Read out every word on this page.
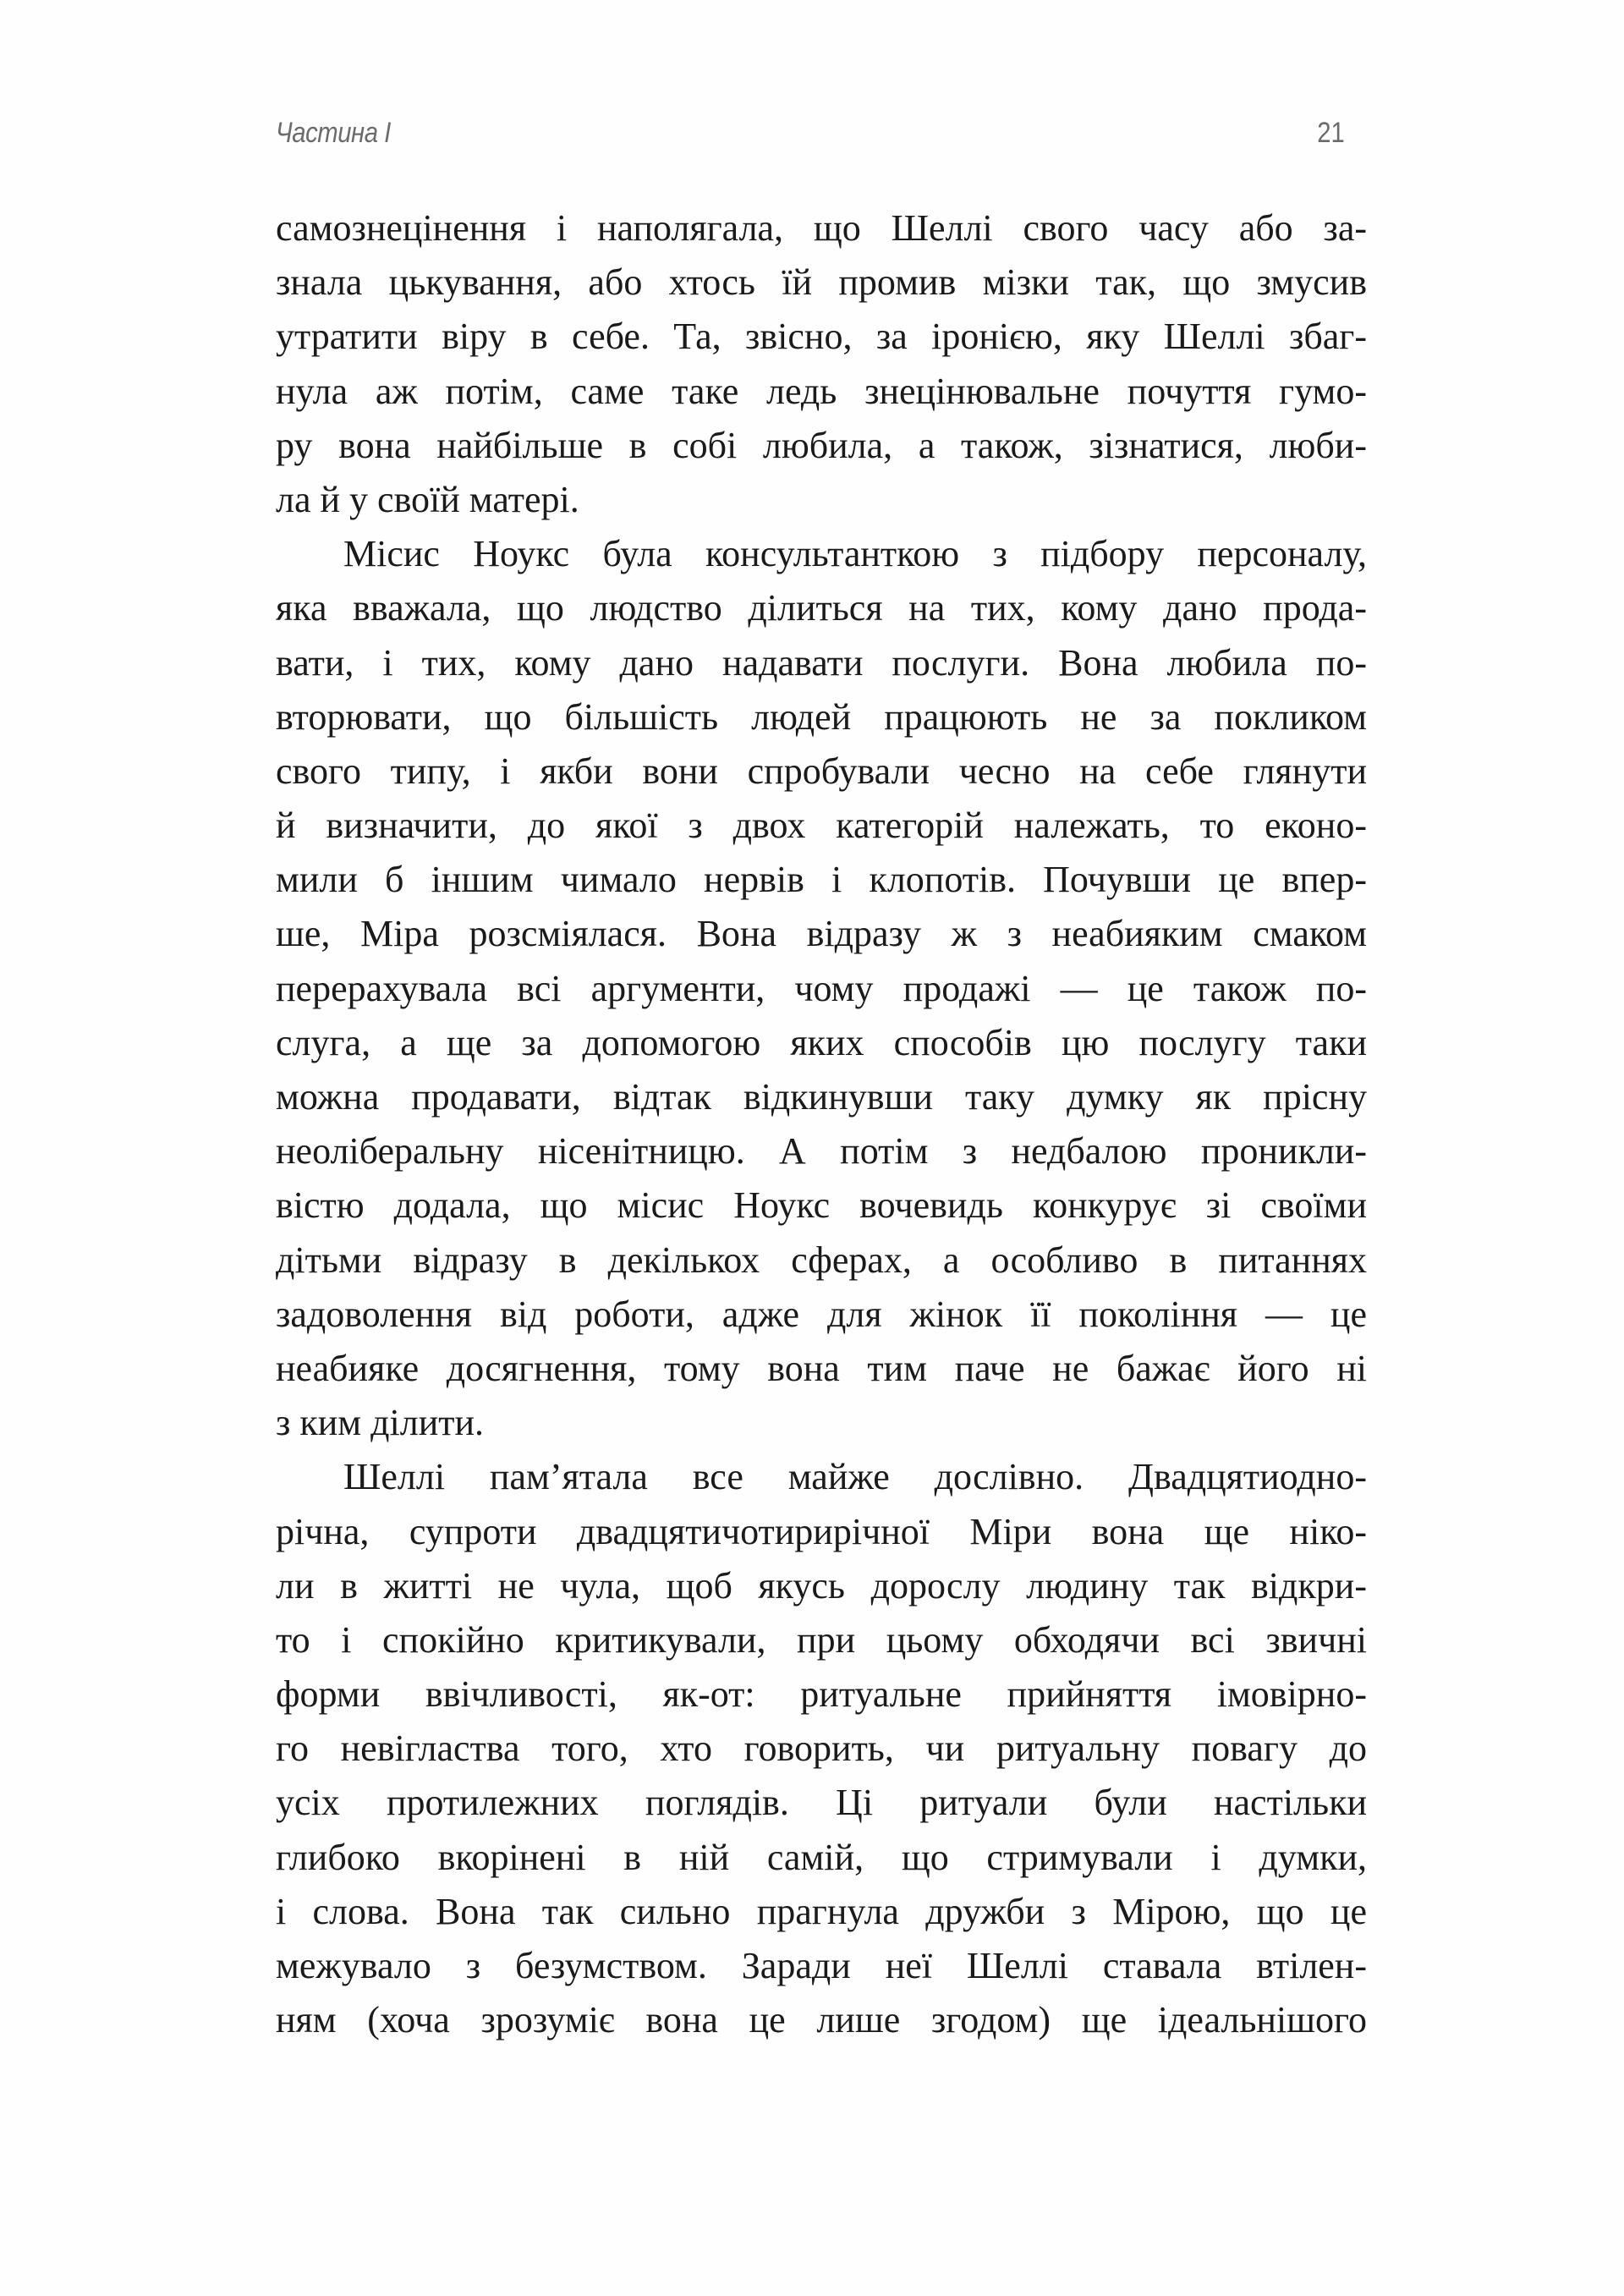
Частина I	21
самознецінення і наполягала, що Шеллі свого часу або за-
знала цькування, або хтось їй промив мізки так, що змусив
утратити віру в себе. Та, звісно, за іронією, яку Шеллі збаг-
нула аж потім, саме таке ледь знецінювальне почуття гумо-
ру вона найбільше в собі любила, а також, зізнатися, люби-
ла й у своїй матері.
Місис Ноукс була консультанткою з підбору персоналу,
яка вважала, що людство ділиться на тих, кому дано прода-
вати, і тих, кому дано надавати послуги. Вона любила по-
вторювати, що більшість людей працюють не за покликом
свого типу, і якби вони спробували чесно на себе глянути
й визначити, до якої з двох категорій належать, то еконо-
мили б іншим чимало нервів і клопотів. Почувши це впер-
ше, Міра розсміялася. Вона відразу ж з неабияким смаком
перерахувала всі аргументи, чому продажі — це також по-
слуга, а ще за допомогою яких способів цю послугу таки
можна продавати, відтак відкинувши таку думку як прісну
неоліберальну нісенітницю. А потім з недбалою проникли-
вістю додала, що місис Ноукс вочевидь конкурує зі своїми
дітьми відразу в декількох сферах, а особливо в питаннях
задоволення від роботи, адже для жінок її покоління — це
неабияке досягнення, тому вона тим паче не бажає його ні
з ким ділити.
Шеллі пам’ятала все майже дослівно. Двадцятиодно-
річна, супроти двадцятичотирирічної Міри вона ще ніко-
ли в житті не чула, щоб якусь дорослу людину так відкри-
то і спокійно критикували, при цьому обходячи всі звичні
форми ввічливості, як-от: ритуальне прийняття імовірно-
го невігластва того, хто говорить, чи ритуальну повагу до
усіх протилежних поглядів. Ці ритуали були настільки
глибоко вкорінені в ній самій, що стримували і думки,
і слова. Вона так сильно прагнула дружби з Мірою, що це
межувало з безумством. Заради неї Шеллі ставала втілен-
ням (хоча зрозуміє вона це лише згодом) ще ідеальнішого
